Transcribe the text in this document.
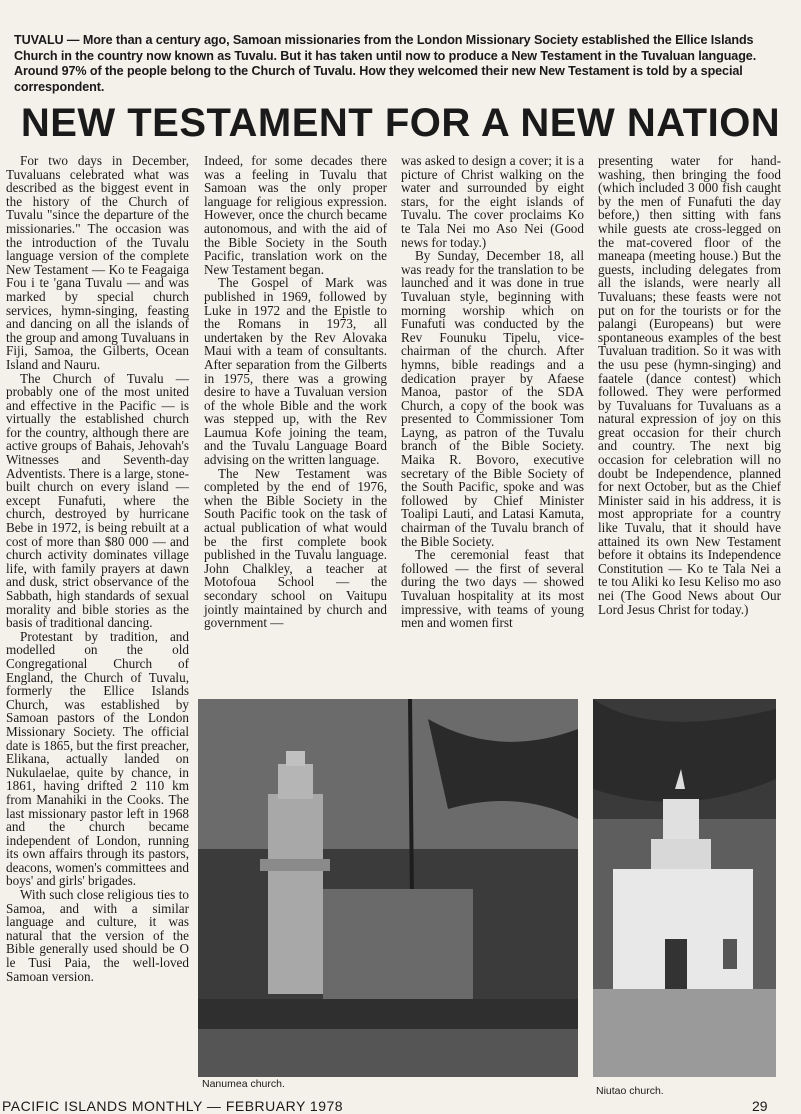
TUVALU — More than a century ago, Samoan missionaries from the London Missionary Society established the Ellice Islands Church in the country now known as Tuvalu. But it has taken until now to produce a New Testament in the Tuvaluan language. Around 97% of the people belong to the Church of Tuvalu. How they welcomed their new New Testament is told by a special correspondent.
NEW TESTAMENT FOR A NEW NATION

For two days in December, Tuvaluans celebrated what was described as the biggest event in the history of the Church of Tuvalu "since the departure of the missionaries." The occasion was the introduction of the Tuvalu language version of the complete New Testament — Ko te Feagaiga Fou i te 'gana Tuvalu — and was marked by special church services, hymn-singing, feasting and dancing on all the islands of the group and among Tuvaluans in Fiji, Samoa, the Gilberts, Ocean Island and Nauru.

The Church of Tuvalu — probably one of the most united and effective in the Pacific — is virtually the established church for the country, although there are active groups of Bahais, Jehovah's Witnesses and Seventh-day Adventists. There is a large, stone-built church on every island — except Funafuti, where the church, destroyed by hurricane Bebe in 1972, is being rebuilt at a cost of more than $80 000 — and church activity dominates village life, with family prayers at dawn and dusk, strict observance of the Sabbath, high standards of sexual morality and bible stories as the basis of traditional dancing.

Protestant by tradition, and modelled on the old Congregational Church of England, the Church of Tuvalu, formerly the Ellice Islands Church, was established by Samoan pastors of the London Missionary Society. The official date is 1865, but the first preacher, Elikana, actually landed on Nukulaelae, quite by chance, in 1861, having drifted 2 110 km from Manahiki in the Cooks. The last missionary pastor left in 1968 and the church became independent of London, running its own affairs through its pastors, deacons, women's committees and boys' and girls' brigades.

With such close religious ties to Samoa, and with a similar language and culture, it was natural that the version of the Bible generally used should be O le Tusi Paia, the well-loved Samoan version.

Indeed, for some decades there was a feeling in Tuvalu that Samoan was the only proper language for religious expression. However, once the church became autonomous, and with the aid of the Bible Society in the South Pacific, translation work on the New Testament began.

The Gospel of Mark was published in 1969, followed by Luke in 1972 and the Epistle to the Romans in 1973, all undertaken by the Rev Alovaka Maui with a team of consultants. After separation from the Gilberts in 1975, there was a growing desire to have a Tuvaluan version of the whole Bible and the work was stepped up, with the Rev Laumua Kofe joining the team, and the Tuvalu Language Board advising on the written language.

The New Testament was completed by the end of 1976, when the Bible Society in the South Pacific took on the task of actual publication of what would be the first complete book published in the Tuvalu language. John Chalkley, a teacher at Motofoua School — the secondary school on Vaitupu jointly maintained by church and government —

was asked to design a cover; it is a picture of Christ walking on the water and surrounded by eight stars, for the eight islands of Tuvalu. The cover proclaims Ko te Tala Nei mo Aso Nei (Good news for today.)

By Sunday, December 18, all was ready for the translation to be launched and it was done in true Tuvaluan style, beginning with morning worship which on Funafuti was conducted by the Rev Founuku Tipelu, vice-chairman of the church. After hymns, bible readings and a dedication prayer by Afaese Manoa, pastor of the SDA Church, a copy of the book was presented to Commissioner Tom Layng, as patron of the Tuvalu branch of the Bible Society. Maika R. Bovoro, executive secretary of the Bible Society of the South Pacific, spoke and was followed by Chief Minister Toalipi Lauti, and Latasi Kamuta, chairman of the Tuvalu branch of the Bible Society.

The ceremonial feast that followed — the first of several during the two days — showed Tuvaluan hospitality at its most impressive, with teams of young men and women first

presenting water for hand-washing, then bringing the food (which included 3 000 fish caught by the men of Funafuti the day before,) then sitting with fans while guests ate cross-legged on the mat-covered floor of the maneapa (meeting house.) But the guests, including delegates from all the islands, were nearly all Tuvaluans; these feasts were not put on for the tourists or for the palangi (Europeans) but were spontaneous examples of the best Tuvaluan tradition. So it was with the usu pese (hymn-singing) and faatele (dance contest) which followed. They were performed by Tuvaluans for Tuvaluans as a natural expression of joy on this great occasion for their church and country. The next big occasion for celebration will no doubt be Independence, planned for next October, but as the Chief Minister said in his address, it is most appropriate for a country like Tuvalu, that it should have attained its own New Testament before it obtains its Independence Constitution — Ko te Tala Nei a te tou Aliki ko Iesu Keliso mo aso nei (The Good News about Our Lord Jesus Christ for today.)

Nanumea church.
Niutao church.
PACIFIC ISLANDS MONTHLY — FEBRUARY 1978	29
